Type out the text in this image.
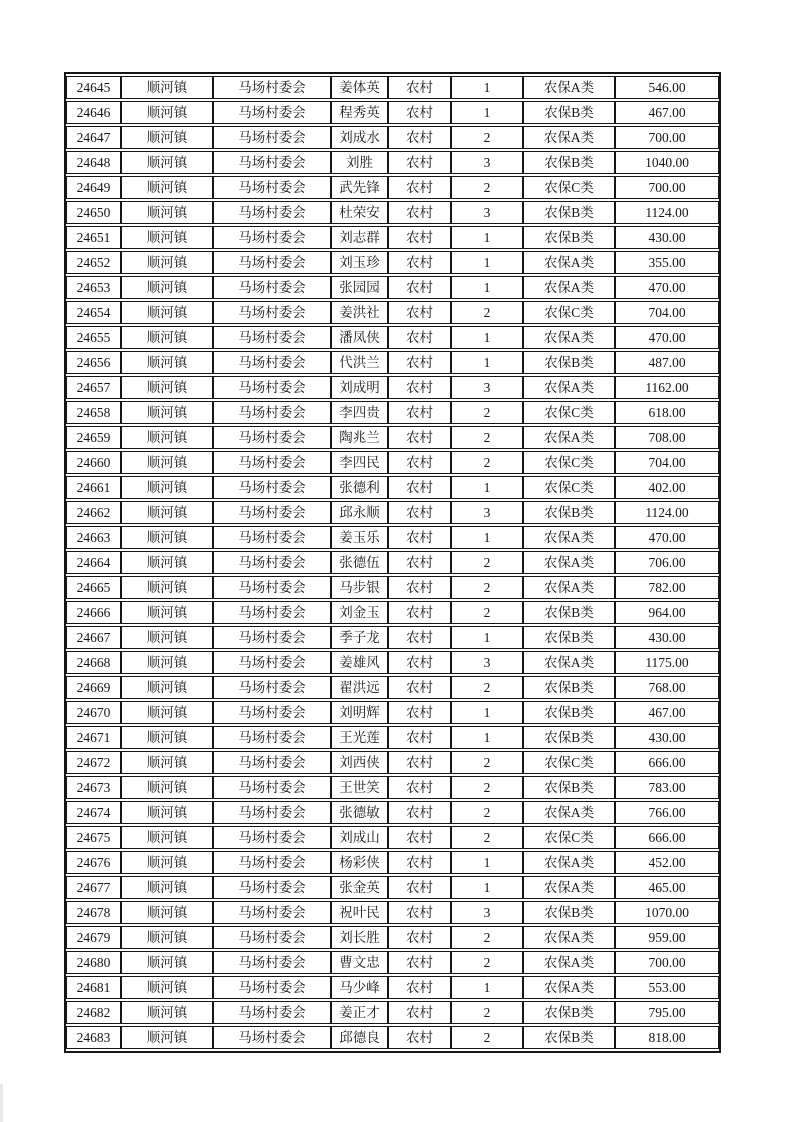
24645	顺河镇	马场村委会	姜体英	农村	1	农保A类	546.00
24646	顺河镇	马场村委会	程秀英	农村	1	农保B类	467.00
24647	顺河镇	马场村委会	刘成水	农村	2	农保A类	700.00
24648	顺河镇	马场村委会	刘胜	农村	3	农保B类	1040.00
24649	顺河镇	马场村委会	武先锋	农村	2	农保C类	700.00
24650	顺河镇	马场村委会	杜荣安	农村	3	农保B类	1124.00
24651	顺河镇	马场村委会	刘志群	农村	1	农保B类	430.00
24652	顺河镇	马场村委会	刘玉珍	农村	1	农保A类	355.00
24653	顺河镇	马场村委会	张园园	农村	1	农保A类	470.00
24654	顺河镇	马场村委会	姜洪社	农村	2	农保C类	704.00
24655	顺河镇	马场村委会	潘凤侠	农村	1	农保A类	470.00
24656	顺河镇	马场村委会	代洪兰	农村	1	农保B类	487.00
24657	顺河镇	马场村委会	刘成明	农村	3	农保A类	1162.00
24658	顺河镇	马场村委会	李四贵	农村	2	农保C类	618.00
24659	顺河镇	马场村委会	陶兆兰	农村	2	农保A类	708.00
24660	顺河镇	马场村委会	李四民	农村	2	农保C类	704.00
24661	顺河镇	马场村委会	张德利	农村	1	农保C类	402.00
24662	顺河镇	马场村委会	邱永顺	农村	3	农保B类	1124.00
24663	顺河镇	马场村委会	姜玉乐	农村	1	农保A类	470.00
24664	顺河镇	马场村委会	张德伍	农村	2	农保A类	706.00
24665	顺河镇	马场村委会	马步银	农村	2	农保A类	782.00
24666	顺河镇	马场村委会	刘金玉	农村	2	农保B类	964.00
24667	顺河镇	马场村委会	季子龙	农村	1	农保B类	430.00
24668	顺河镇	马场村委会	姜雄风	农村	3	农保A类	1175.00
24669	顺河镇	马场村委会	翟洪远	农村	2	农保B类	768.00
24670	顺河镇	马场村委会	刘明辉	农村	1	农保B类	467.00
24671	顺河镇	马场村委会	王光莲	农村	1	农保B类	430.00
24672	顺河镇	马场村委会	刘西侠	农村	2	农保C类	666.00
24673	顺河镇	马场村委会	王世笑	农村	2	农保B类	783.00
24674	顺河镇	马场村委会	张德敏	农村	2	农保A类	766.00
24675	顺河镇	马场村委会	刘成山	农村	2	农保C类	666.00
24676	顺河镇	马场村委会	杨彩侠	农村	1	农保A类	452.00
24677	顺河镇	马场村委会	张金英	农村	1	农保A类	465.00
24678	顺河镇	马场村委会	祝叶民	农村	3	农保B类	1070.00
24679	顺河镇	马场村委会	刘长胜	农村	2	农保A类	959.00
24680	顺河镇	马场村委会	曹文忠	农村	2	农保A类	700.00
24681	顺河镇	马场村委会	马少峰	农村	1	农保A类	553.00
24682	顺河镇	马场村委会	姜正才	农村	2	农保B类	795.00
24683	顺河镇	马场村委会	邱德良	农村	2	农保B类	818.00
